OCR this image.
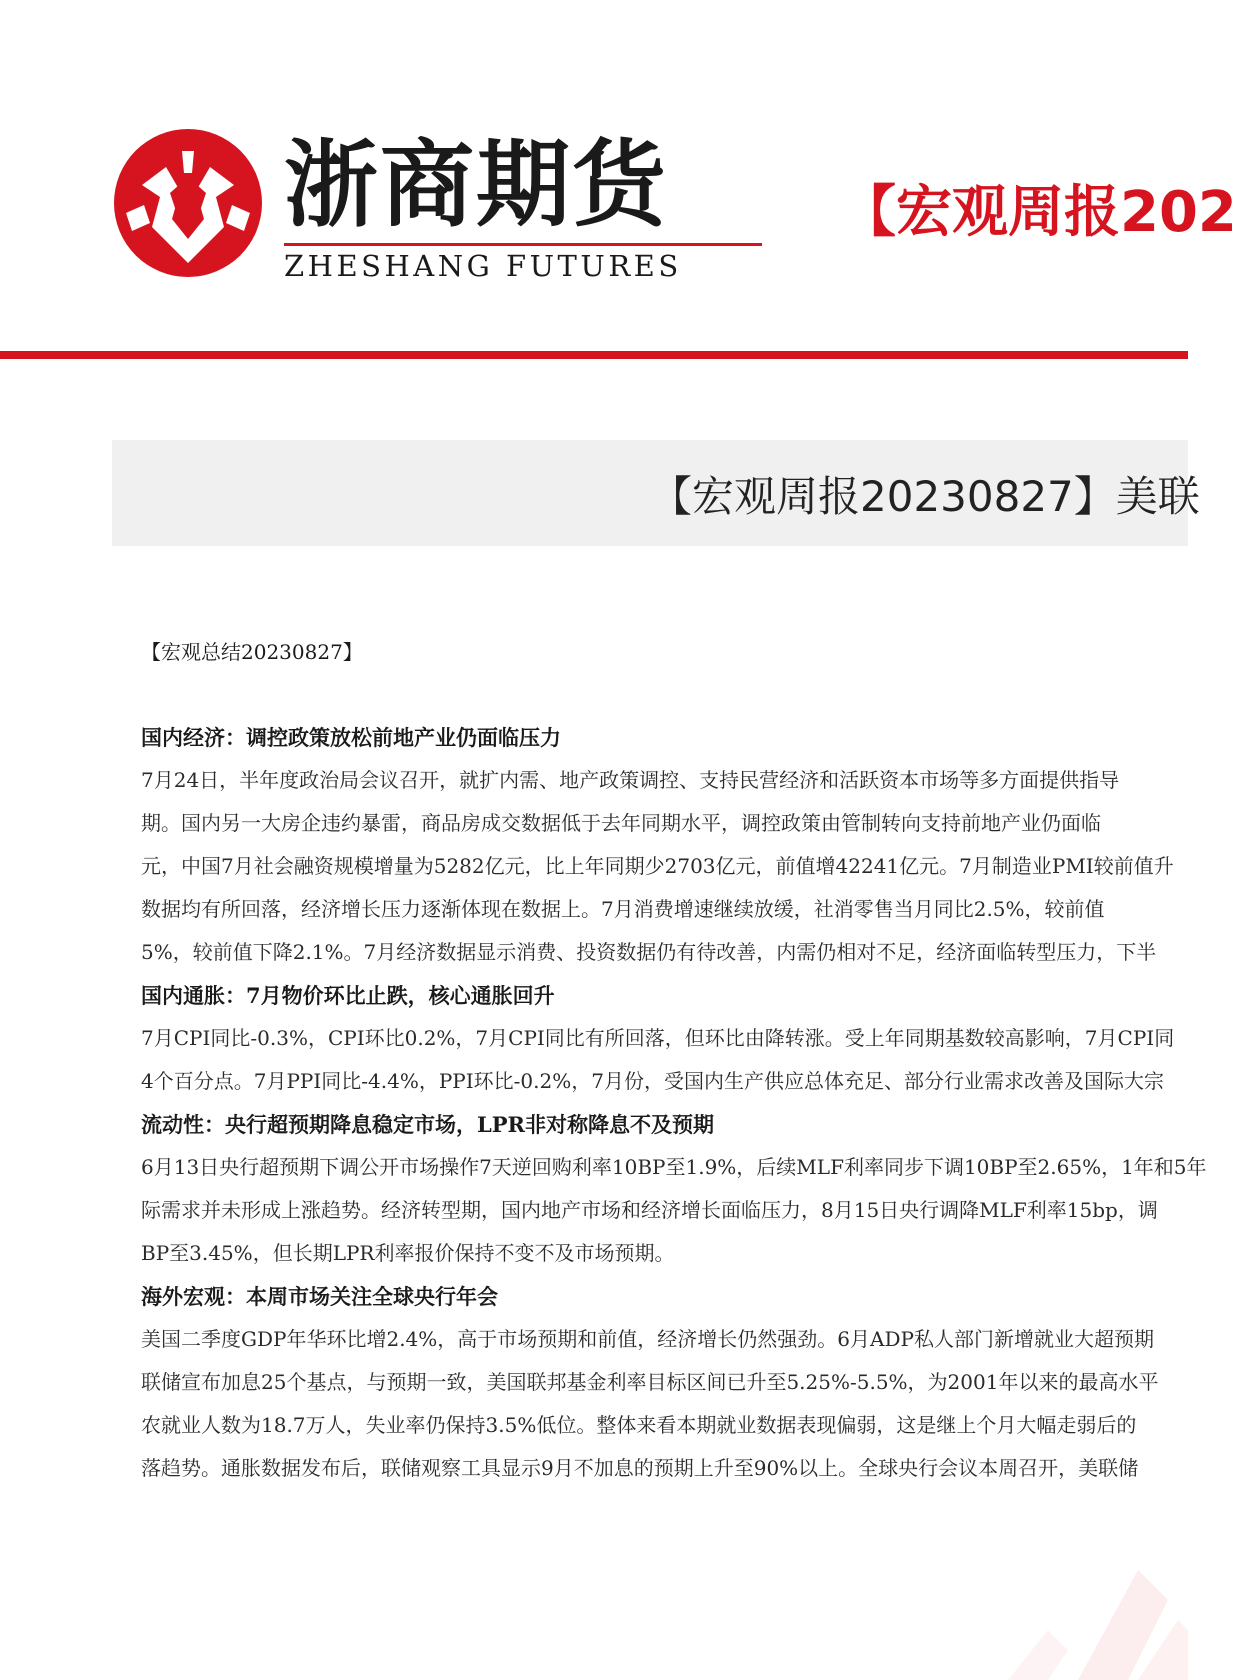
浙商期货
ZHESHANG FUTURES
【宏观周报202
【宏观周报20230827】美联
【宏观总结20230827】
国内经济：调控政策放松前地产业仍面临压力
7月24日，半年度政治局会议召开，就扩内需、地产政策调控、支持民营经济和活跃资本市场等多方面提供指导
期。国内另一大房企违约暴雷，商品房成交数据低于去年同期水平，调控政策由管制转向支持前地产业仍面临
元，中国7月社会融资规模增量为5282亿元，比上年同期少2703亿元，前值增42241亿元。7月制造业PMI较前值升
数据均有所回落，经济增长压力逐渐体现在数据上。7月消费增速继续放缓，社消零售当月同比2.5%，较前值
5%，较前值下降2.1%。7月经济数据显示消费、投资数据仍有待改善，内需仍相对不足，经济面临转型压力，下半
国内通胀：7月物价环比止跌，核心通胀回升
7月CPI同比-0.3%，CPI环比0.2%，7月CPI同比有所回落，但环比由降转涨。受上年同期基数较高影响，7月CPI同
4个百分点。7月PPI同比-4.4%，PPI环比-0.2%，7月份，受国内生产供应总体充足、部分行业需求改善及国际大宗
流动性：央行超预期降息稳定市场，LPR非对称降息不及预期
6月13日央行超预期下调公开市场操作7天逆回购利率10BP至1.9%，后续MLF利率同步下调10BP至2.65%，1年和5年
际需求并未形成上涨趋势。经济转型期，国内地产市场和经济增长面临压力，8月15日央行调降MLF利率15bp，调
BP至3.45%，但长期LPR利率报价保持不变不及市场预期。
海外宏观：本周市场关注全球央行年会
美国二季度GDP年华环比增2.4%，高于市场预期和前值，经济增长仍然强劲。6月ADP私人部门新增就业大超预期
联储宣布加息25个基点，与预期一致，美国联邦基金利率目标区间已升至5.25%-5.5%，为2001年以来的最高水平
农就业人数为18.7万人，失业率仍保持3.5%低位。整体来看本期就业数据表现偏弱，这是继上个月大幅走弱后的
落趋势。通胀数据发布后，联储观察工具显示9月不加息的预期上升至90%以上。全球央行会议本周召开，美联储
